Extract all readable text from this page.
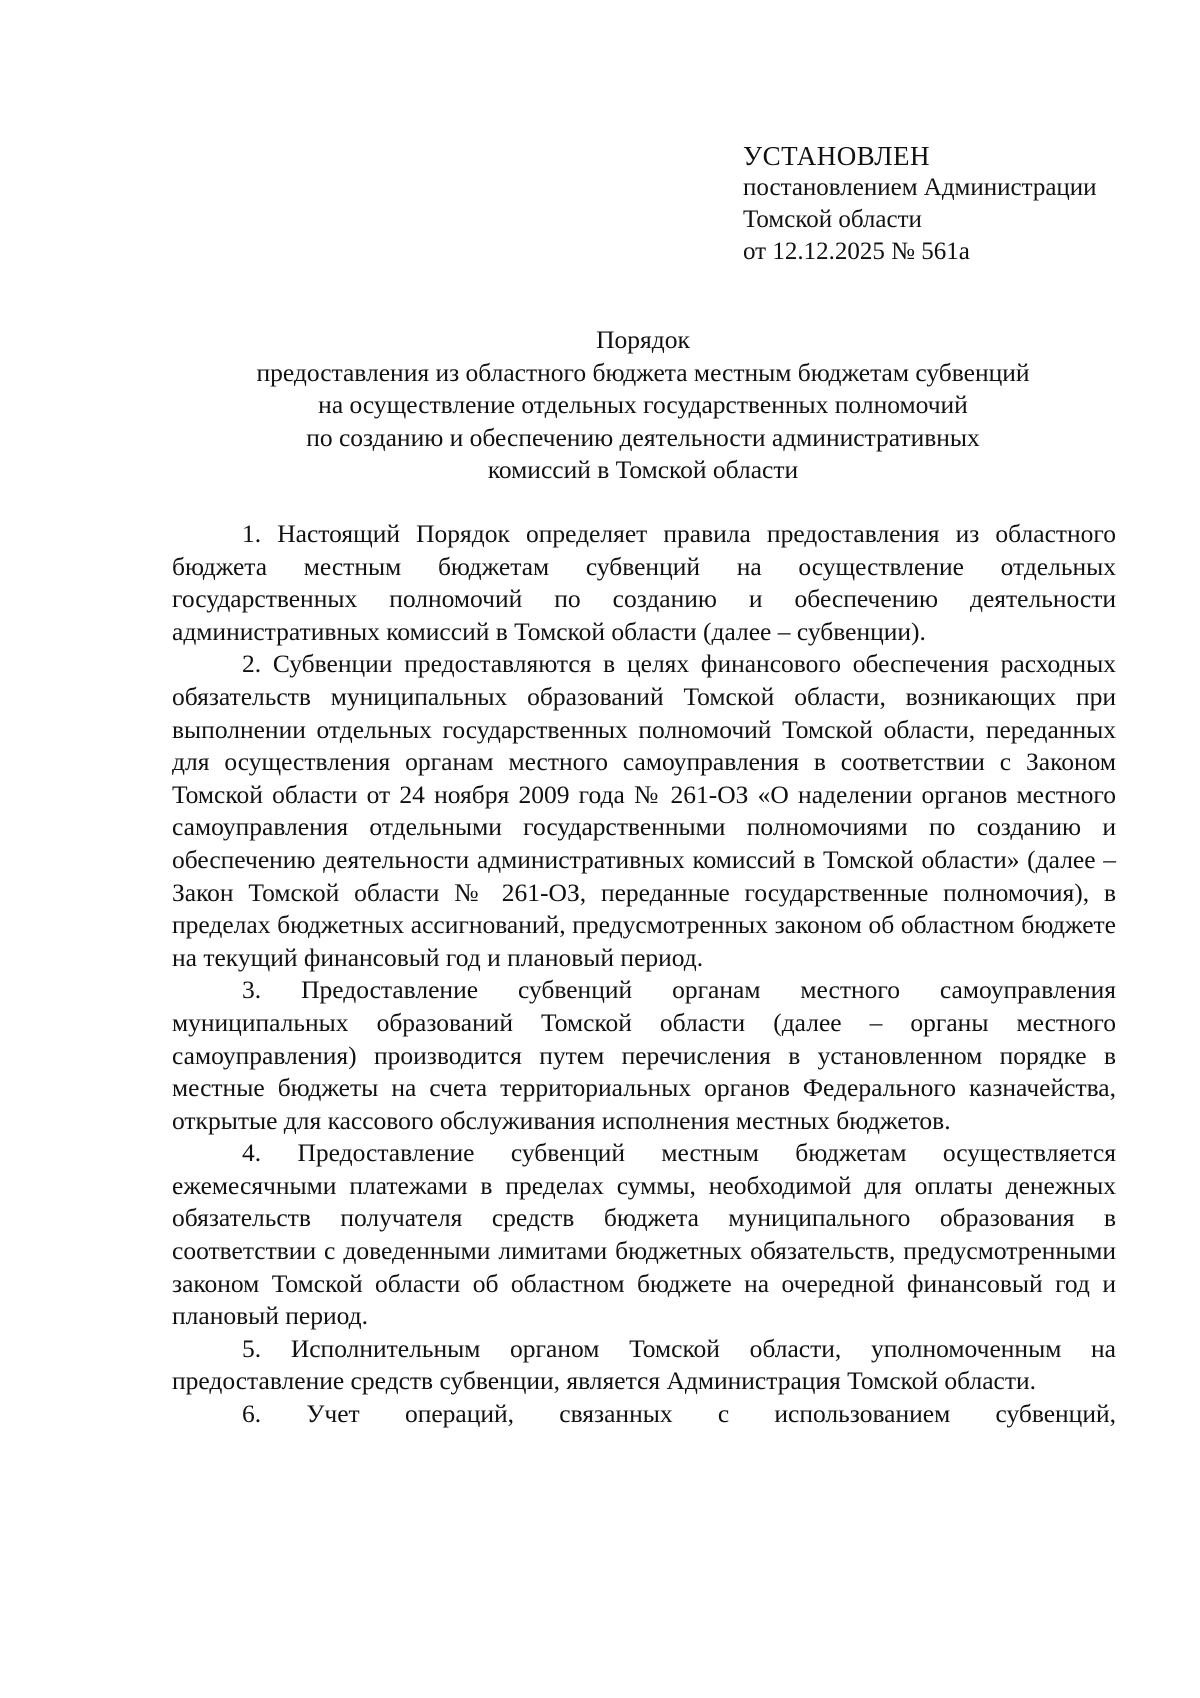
УСТАНОВЛЕН
постановлением Администрации
Томской области
от 12.12.2025 № 561а
Порядок
предоставления из областного бюджета местным бюджетам субвенций
на осуществление отдельных государственных полномочий
по созданию и обеспечению деятельности административных
комиссий в Томской области

1. Настоящий Порядок определяет правила предоставления из областного бюджета местным бюджетам субвенций на осуществление отдельных государственных полномочий по созданию и обеспечению деятельности административных комиссий в Томской области (далее – субвенции).

2. Субвенции предоставляются в целях финансового обеспечения расходных обязательств муниципальных образований Томской области, возникающих при выполнении отдельных государственных полномочий Томской области, переданных для осуществления органам местного самоуправления в соответствии с Законом Томской области от 24 ноября 2009 года № 261-ОЗ «О наделении органов местного самоуправления отдельными государственными полномочиями по созданию и обеспечению деятельности административных комиссий в Томской области» (далее – Закон Томской области № 261-ОЗ, переданные государственные полномочия), в пределах бюджетных ассигнований, предусмотренных законом об областном бюджете на текущий финансовый год и плановый период.

3. Предоставление субвенций органам местного самоуправления муниципальных образований Томской области (далее – органы местного самоуправления) производится путем перечисления в установленном порядке в местные бюджеты на счета территориальных органов Федерального казначейства, открытые для кассового обслуживания исполнения местных бюджетов.

4. Предоставление субвенций местным бюджетам осуществляется ежемесячными платежами в пределах суммы, необходимой для оплаты денежных обязательств получателя средств бюджета муниципального образования в соответствии с доведенными лимитами бюджетных обязательств, предусмотренными законом Томской области об областном бюджете на очередной финансовый год и плановый период.

5. Исполнительным органом Томской области, уполномоченным на предоставление средств субвенции, является Администрация Томской области.

6. Учет операций, связанных с использованием субвенций,
